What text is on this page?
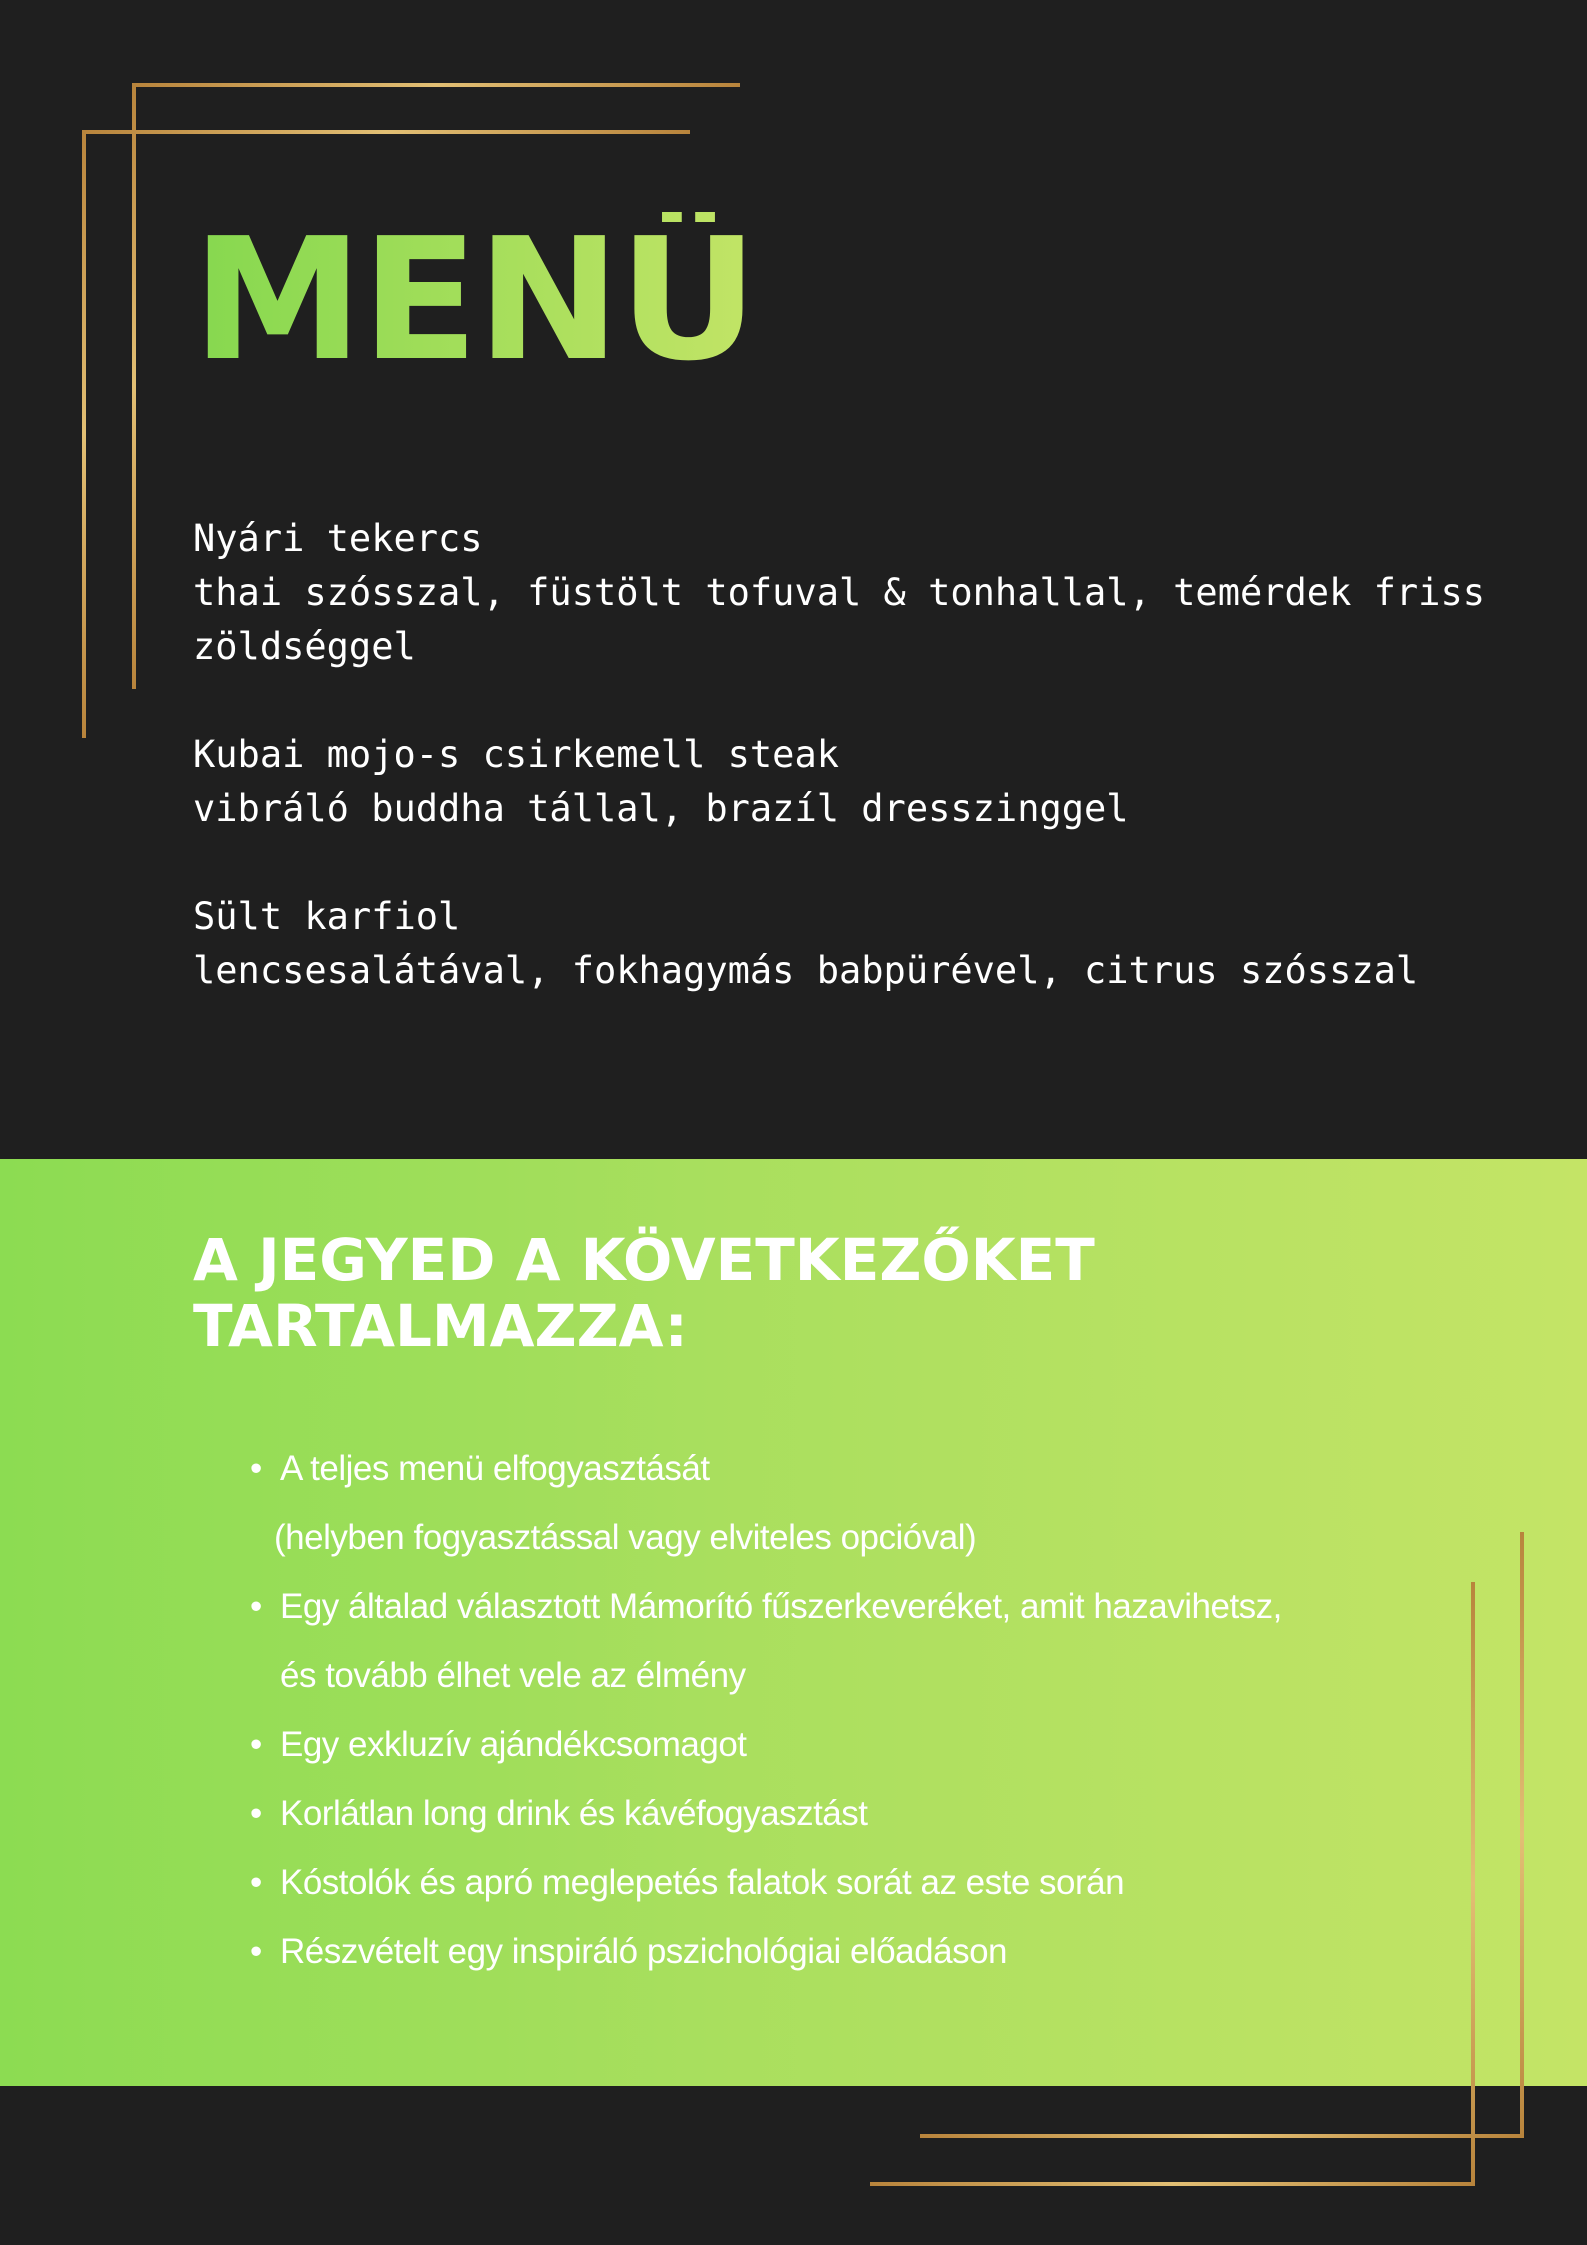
MENÜ
Nyári tekercs
thai szósszal, füstölt tofuval & tonhallal, temérdek friss
zöldséggel
Kubai mojo-s csirkemell steak
vibráló buddha tállal, brazíl dresszinggel
Sült karfiol
lencsesalátával, fokhagymás babpürével, citrus szósszal
A JEGYED A KÖVETKEZŐKET
TARTALMAZZA:
• A teljes menü elfogyasztását
(helyben fogyasztással vagy elviteles opcióval)
• Egy általad választott Mámorító fűszerkeveréket, amit hazavihetsz,
és tovább élhet vele az élmény
• Egy exkluzív ajándékcsomagot
• Korlátlan long drink és kávéfogyasztást
• Kóstolók és apró meglepetés falatok sorát az este során
• Részvételt egy inspiráló pszichológiai előadáson
